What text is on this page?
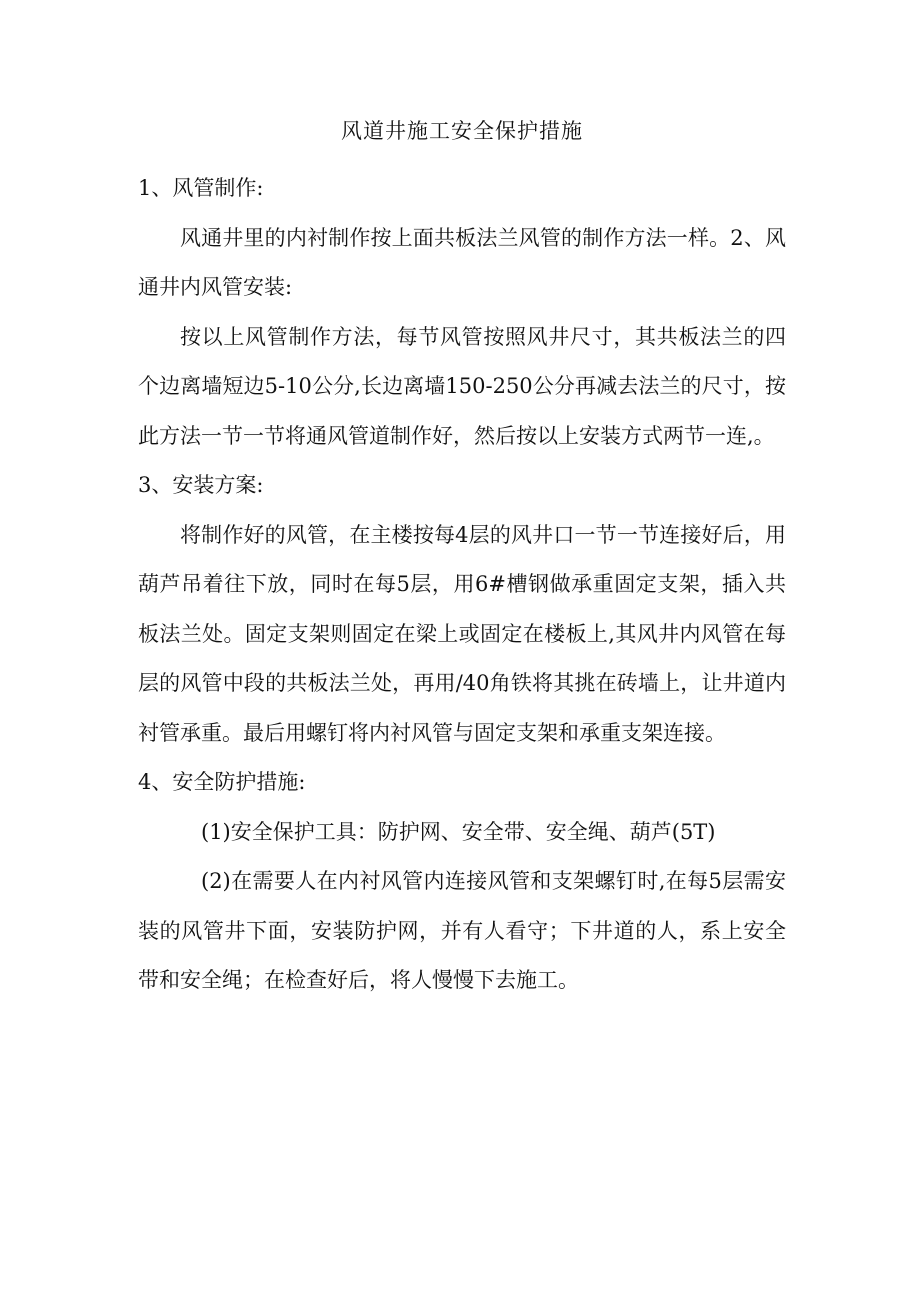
风道井施工安全保护措施

1、风管制作:

风通井里的内衬制作按上面共板法兰风管的制作方法一样。2、风通井内风管安装:

按以上风管制作方法，每节风管按照风井尺寸，其共板法兰的四个边离墙短边5-10公分,长边离墙150-250公分再减去法兰的尺寸，按此方法一节一节将通风管道制作好，然后按以上安装方式两节一连,。

3、安装方案:

将制作好的风管，在主楼按每4层的风井口一节一节连接好后，用葫芦吊着往下放，同时在每5层，用6#槽钢做承重固定支架，插入共板法兰处。固定支架则固定在梁上或固定在楼板上,其风井内风管在每层的风管中段的共板法兰处，再用/40角铁将其挑在砖墙上，让井道内衬管承重。最后用螺钉将内衬风管与固定支架和承重支架连接。

4、安全防护措施:

(1)安全保护工具：防护网、安全带、安全绳、葫芦(5T)

(2)在需要人在内衬风管内连接风管和支架螺钉时,在每5层需安装的风管井下面，安装防护网，并有人看守；下井道的人，系上安全带和安全绳；在检查好后，将人慢慢下去施工。
